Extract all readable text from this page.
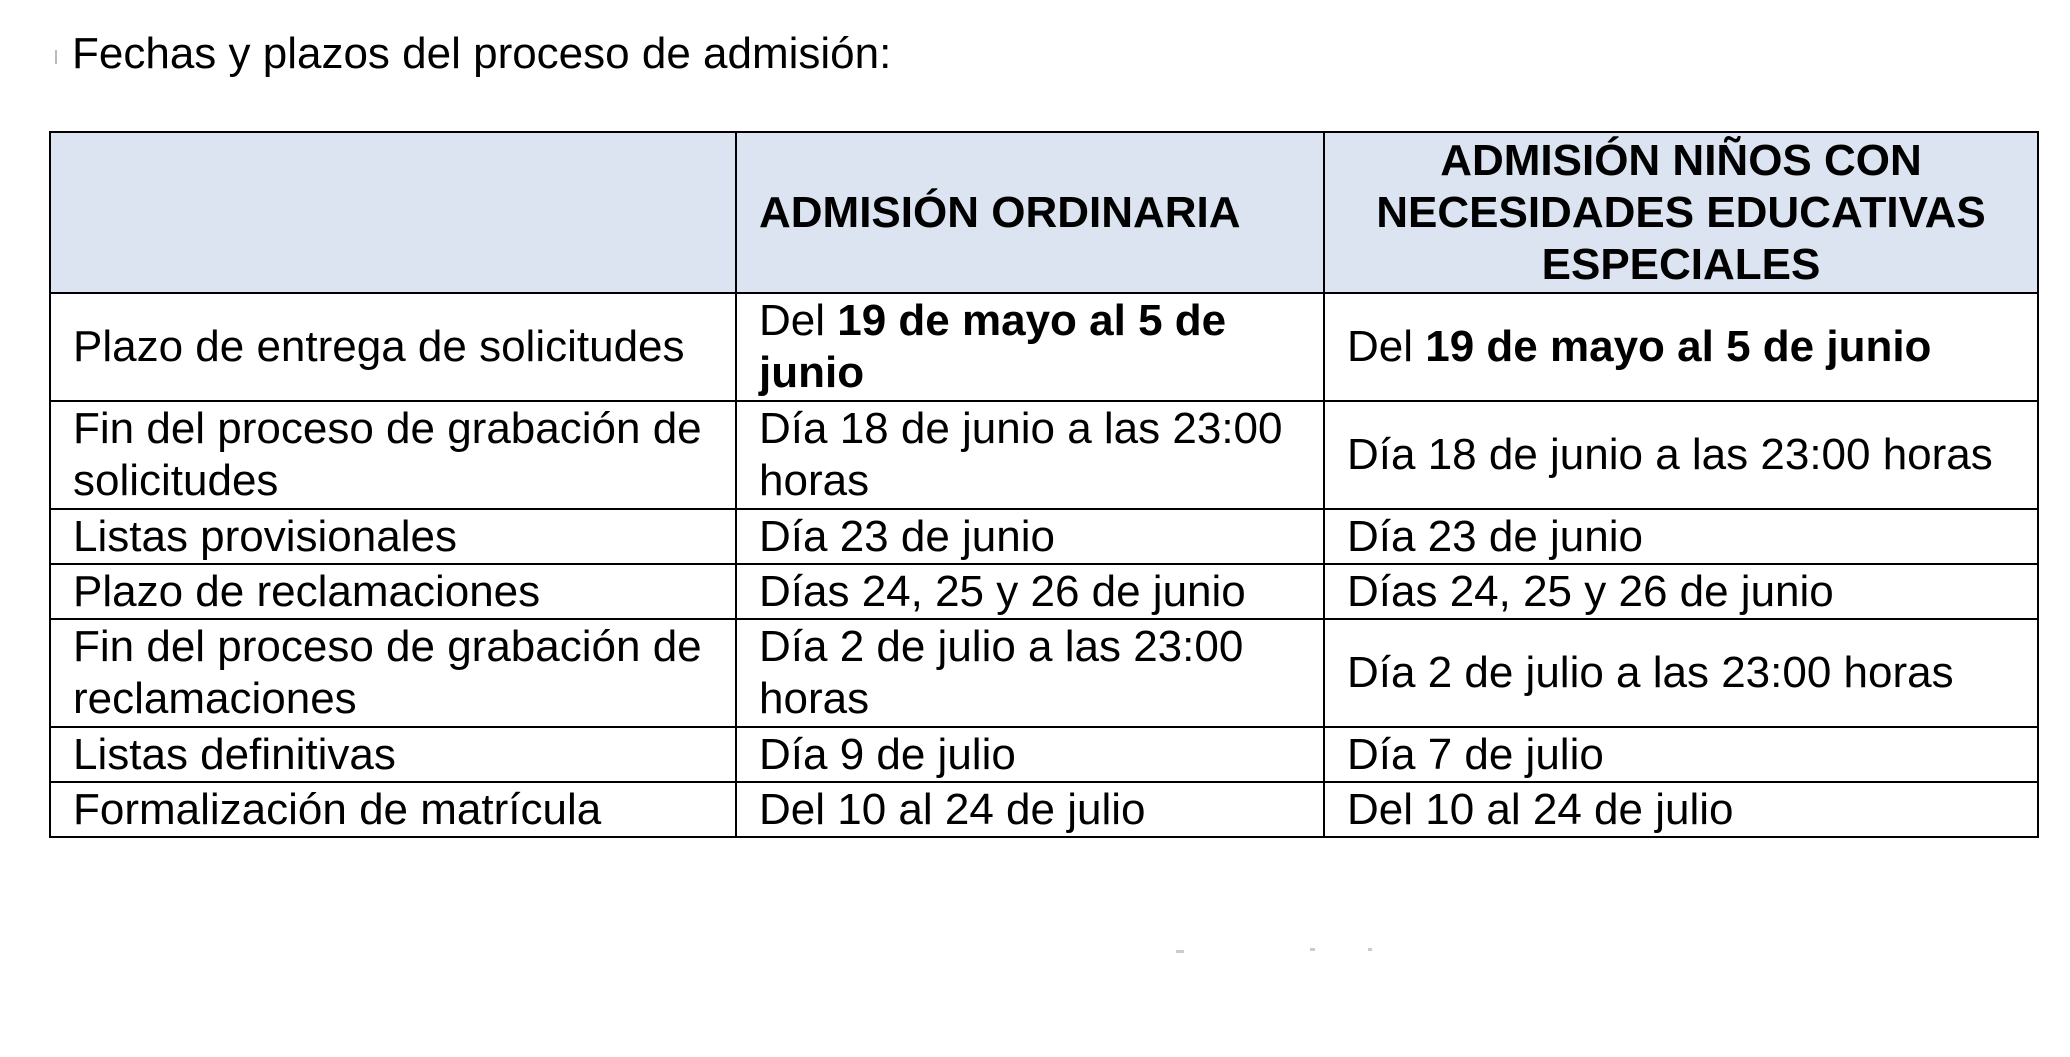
Fechas y plazos del proceso de admisión:
	ADMISIÓN ORDINARIA	ADMISIÓN NIÑOS CON
NECESIDADES EDUCATIVAS
ESPECIALES

Plazo de entrega de solicitudes	Del 19 de mayo al 5 de junio	Del 19 de mayo al 5 de junio
Fin del proceso de grabación de solicitudes	Día 18 de junio a las 23:00 horas	Día 18 de junio a las 23:00 horas
Listas provisionales	Día 23 de junio	Día 23 de junio
Plazo de reclamaciones	Días 24, 25 y 26 de junio	Días 24, 25 y 26 de junio
Fin del proceso de grabación de reclamaciones	Día 2 de julio a las 23:00 horas	Día 2 de julio a las 23:00 horas
Listas definitivas	Día 9 de julio	Día 7 de julio
Formalización de matrícula	Del 10 al 24 de julio	Del 10 al 24 de julio
